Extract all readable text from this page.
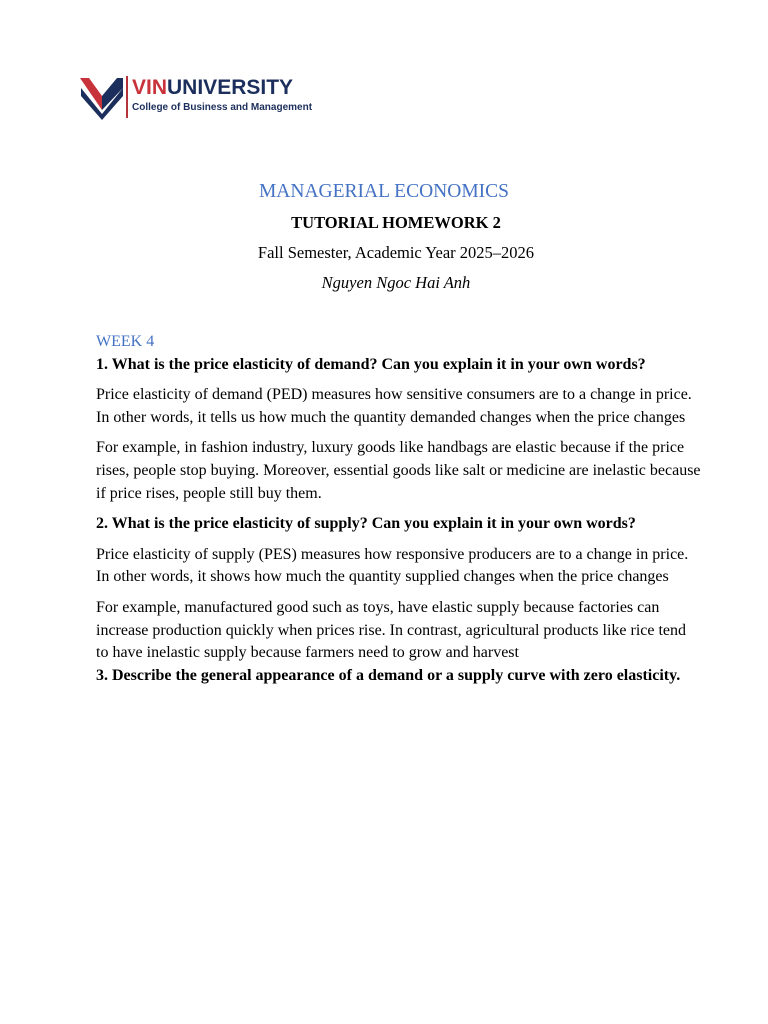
VINUNIVERSITY
College of Business and Management
MANAGERIAL ECONOMICS
TUTORIAL HOMEWORK 2
Fall Semester, Academic Year 2025–2026
Nguyen Ngoc Hai Anh

WEEK 4

1. What is the price elasticity of demand? Can you explain it in your own words?

Price elasticity of demand (PED) measures how sensitive consumers are to a change in price. In other words, it tells us how much the quantity demanded changes when the price changes

For example, in fashion industry, luxury goods like handbags are elastic because if the price rises, people stop buying. Moreover, essential goods like salt or medicine are inelastic because if price rises, people still buy them.

2. What is the price elasticity of supply? Can you explain it in your own words?

Price elasticity of supply (PES) measures how responsive producers are to a change in price. In other words, it shows how much the quantity supplied changes when the price changes

For example, manufactured good such as toys, have elastic supply because factories can increase production quickly when prices rise. In contrast, agricultural products like rice tend to have inelastic supply because farmers need to grow and harvest

3. Describe the general appearance of a demand or a supply curve with zero elasticity.
